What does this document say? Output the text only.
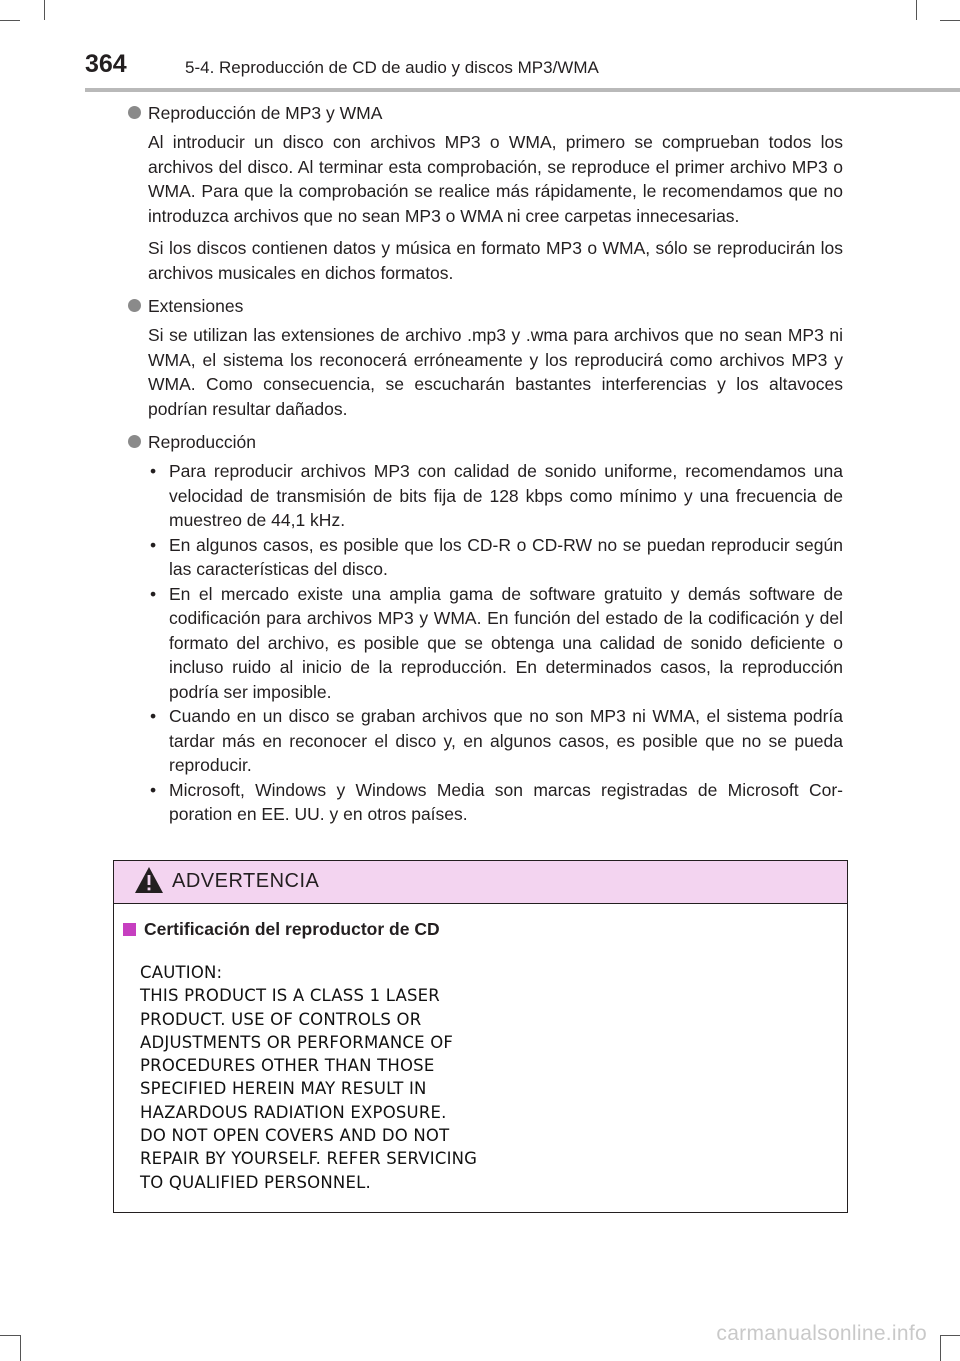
364	5-4. Reproducción de CD de audio y discos MP3/WMA
Reproducción de MP3 y WMA

Al introducir un disco con archivos MP3 o WMA, primero se comprueban todos los archivos del disco. Al terminar esta comprobación, se reproduce el primer archivo MP3 o WMA. Para que la comprobación se realice más rápidamente, le recomendamos que no introduzca archivos que no sean MP3 o WMA ni cree carpetas innecesarias.

Si los discos contienen datos y música en formato MP3 o WMA, sólo se reproducirán los archivos musicales en dichos formatos.

Extensiones

Si se utilizan las extensiones de archivo .mp3 y .wma para archivos que no sean MP3 ni WMA, el sistema los reconocerá erróneamente y los reproducirá como archivos MP3 y WMA. Como consecuencia, se escucharán bastantes interferencias y los altavoces podrían resultar dañados.

Reproducción
• Para reproducir archivos MP3 con calidad de sonido uniforme, recomendamos una velocidad de transmisión de bits fija de 128 kbps como mínimo y una frecuencia de muestreo de 44,1 kHz.
• En algunos casos, es posible que los CD-R o CD-RW no se puedan reproducir según las características del disco.
• En el mercado existe una amplia gama de software gratuito y demás software de codificación para archivos MP3 y WMA. En función del estado de la codificación y del formato del archivo, es posible que se obtenga una calidad de sonido deficiente o incluso ruido al inicio de la reproducción. En determinados casos, la reproducción podría ser imposible.
• Cuando en un disco se graban archivos que no son MP3 ni WMA, el sistema podría tardar más en reconocer el disco y, en algunos casos, es posible que no se pueda reproducir.
• Microsoft, Windows y Windows Media son marcas registradas de Microsoft Corporation en EE. UU. y en otros países.
ADVERTENCIA
Certificación del reproductor de CD
CAUTION:
THIS PRODUCT IS A CLASS 1 LASER
PRODUCT. USE OF CONTROLS OR
ADJUSTMENTS OR PERFORMANCE OF
PROCEDURES OTHER THAN THOSE
SPECIFIED HEREIN MAY RESULT IN
HAZARDOUS RADIATION EXPOSURE.
DO NOT OPEN COVERS AND DO NOT
REPAIR BY YOURSELF. REFER SERVICING
TO QUALIFIED PERSONNEL.
carmanualsonline.info
